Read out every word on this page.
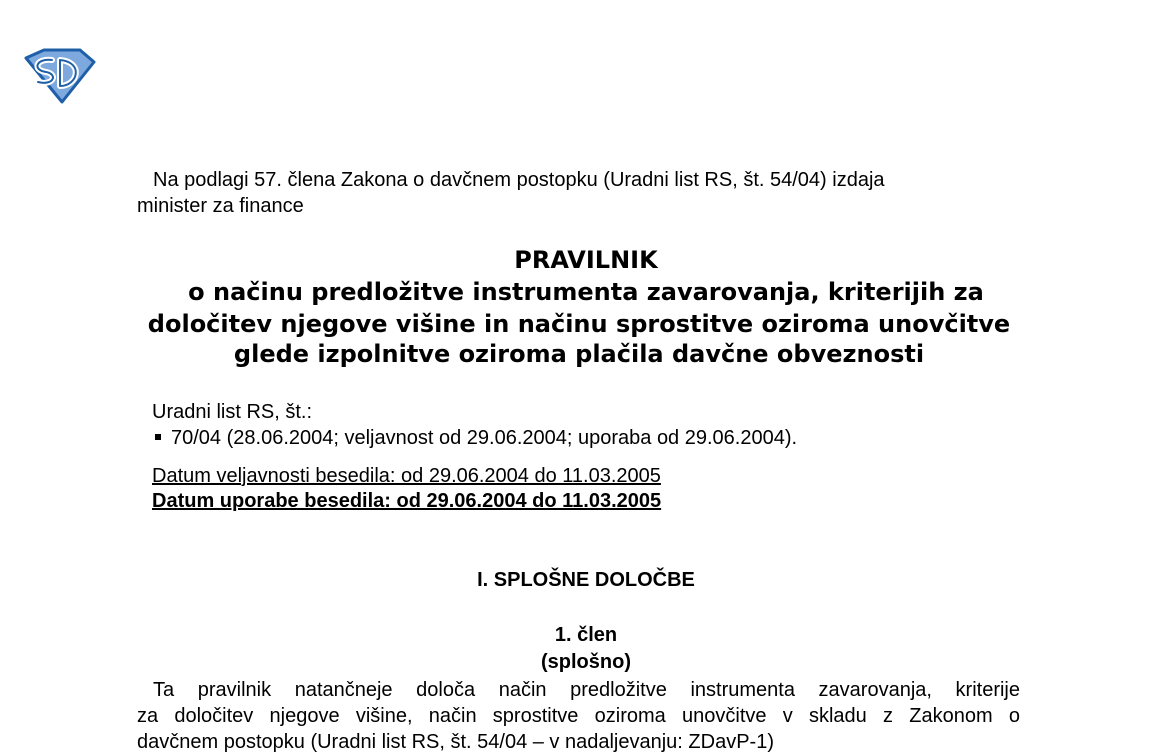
Na podlagi 57. člena Zakona o davčnem postopku (Uradni list RS, št. 54/04) izdaja
minister za finance
PRAVILNIK
o načinu predložitve instrumenta zavarovanja, kriterijih za
določitev njegove višine in načinu sprostitve oziroma unovčitve
glede izpolnitve oziroma plačila davčne obveznosti
Uradni list RS, št.:
70/04 (28.06.2004; veljavnost od 29.06.2004; uporaba od 29.06.2004).
Datum veljavnosti besedila: od 29.06.2004 do 11.03.2005
Datum uporabe besedila: od 29.06.2004 do 11.03.2005
I. SPLOŠNE DOLOČBE
1. člen
(splošno)
Ta pravilnik natančneje določa način predložitve instrumenta zavarovanja, kriterije
za določitev njegove višine, način sprostitve oziroma unovčitve v skladu z Zakonom o
davčnem postopku (Uradni list RS, št. 54/04 – v nadaljevanju: ZDavP-1)
